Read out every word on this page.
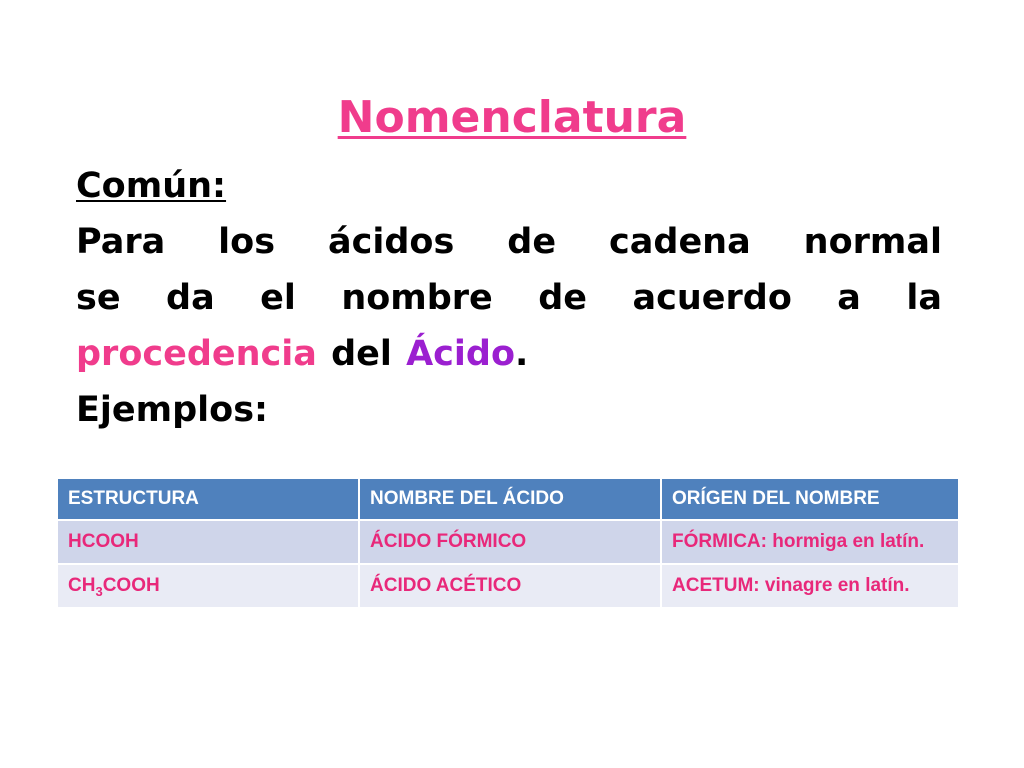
Nomenclatura
Común:
Para los ácidos de cadena normal
se da el nombre de acuerdo a la
procedencia del Ácido.
Ejemplos:
ESTRUCTURA	NOMBRE DEL ÁCIDO	ORÍGEN DEL NOMBRE
HCOOH	ÁCIDO FÓRMICO	FÓRMICA: hormiga en latín.
$CH_3COOH$	ÁCIDO ACÉTICO	ACETUM: vinagre en latín.
